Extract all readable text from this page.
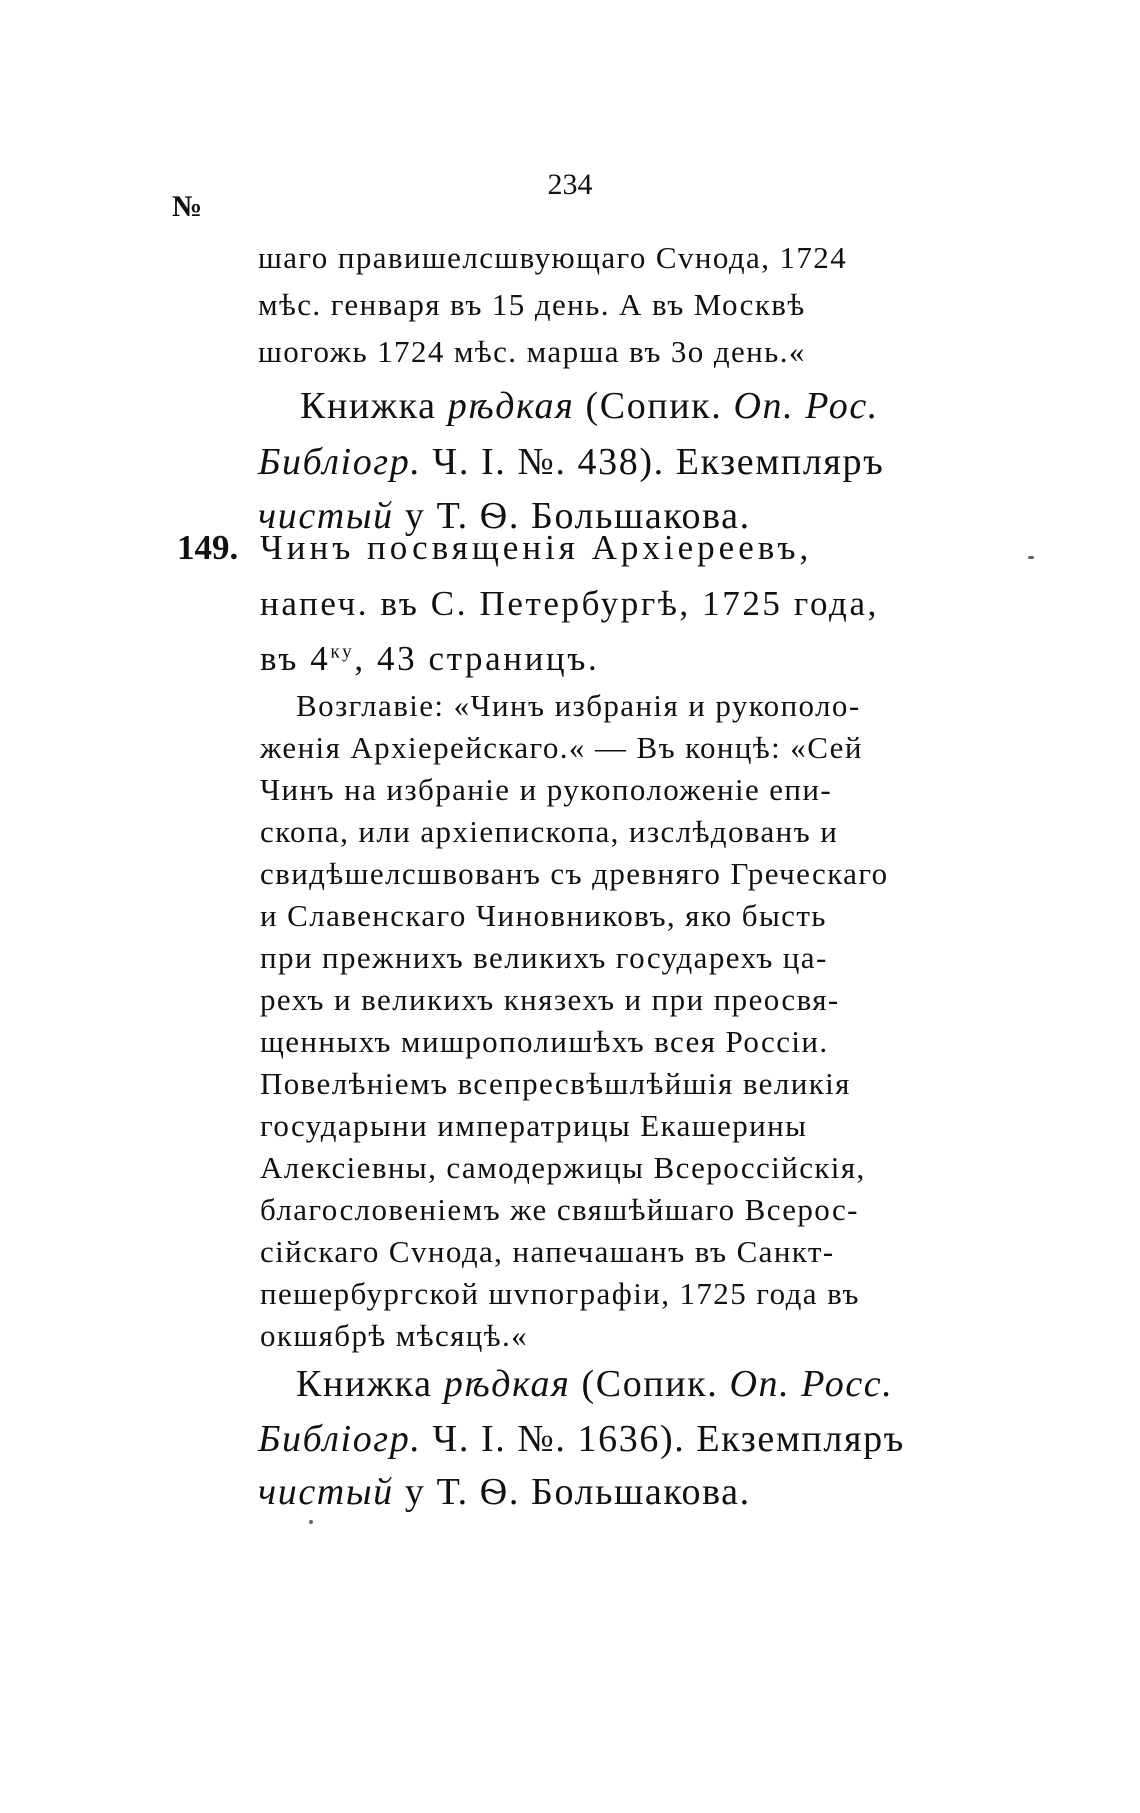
234
№
шаго правишелсшвующаго Сvнода, 1724
мѣс. генваря въ 15 день. А въ Москвѣ
шогожь 1724 мѣс. марша въ 3о день.«
Книжка рѣдкая (Сопик. Оп. Рос.
Библiогр. Ч. I. №. 438). Екземпляръ
чистый у Т. Ѳ. Большакова.
149. Чинъ посвященiя Архiереевъ,
напеч. въ С. Петербургѣ, 1725 года,
въ $4^{ку}$, 43 страницъ.
Возглавiе: «Чинъ избранiя и рукополо-
женiя Архiерейскаго.« — Въ концѣ: «Сей
Чинъ на избранiе и рукоположенiе епи-
скопа, или архiепископа, изслѣдованъ и
свидѣшелсшвованъ съ древняго Греческаго
и Славенскаго Чиновниковъ, яко бысть
при прежнихъ великихъ государехъ ца-
рехъ и великихъ князехъ и при преосвя-
щенныхъ мишрополишѣхъ всея Россiи.
Повелѣнiемъ всепресвѣшлѣйшiя великiя
государыни императрицы Екашерины
Алексiевны, самодержицы Всероссiйскiя,
благословенiемъ же свяшѣйшаго Всерос-
сiйскаго Сvнода, напечашанъ въ Санкт-
пешербургской шvпографiи, 1725 года въ
окшябрѣ мѣсяцѣ.«
Книжка рѣдкая (Сопик. Оп. Росс.
Библiогр. Ч. I. №. 1636). Екземпляръ
чистый у Т. Ѳ. Большакова.
